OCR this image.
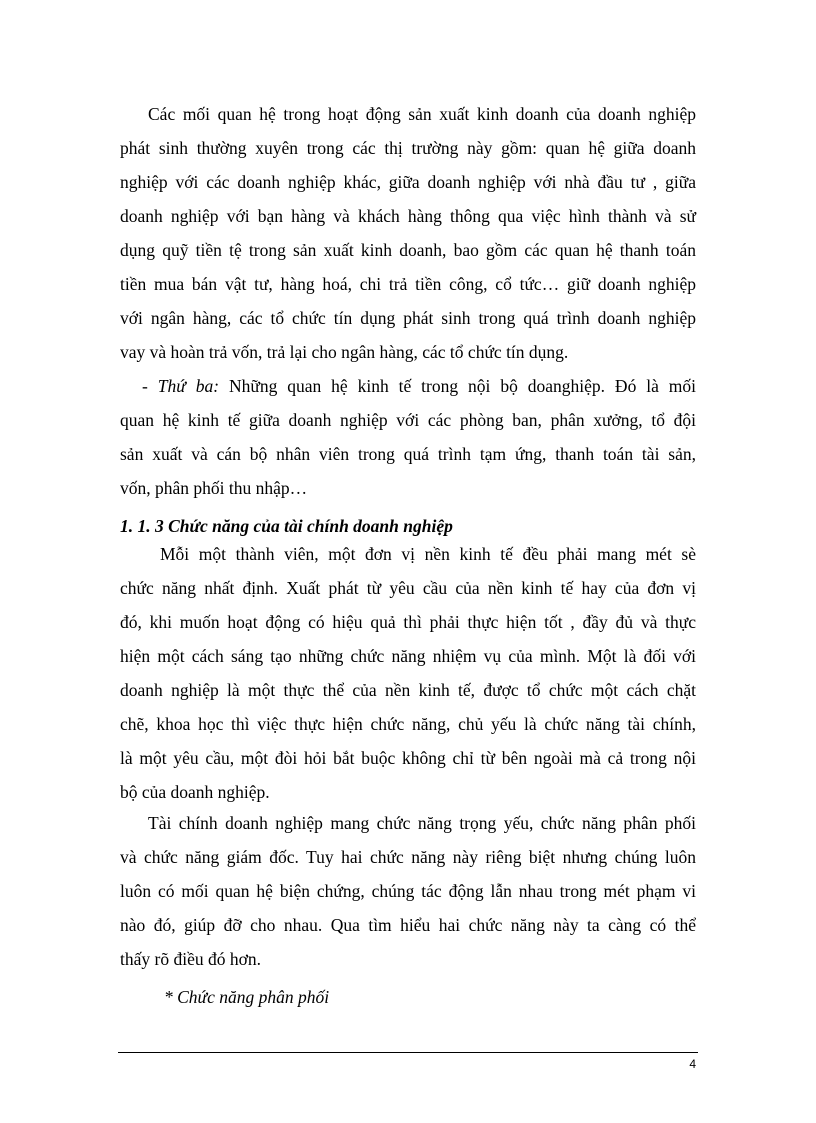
Các mối quan hệ trong hoạt động sản xuất kinh doanh của doanh nghiệp
phát sinh thường xuyên trong các thị trường này gồm: quan hệ giữa doanh
nghiệp với các doanh nghiệp khác, giữa doanh nghiệp với nhà đầu tư , giữa
doanh nghiệp với bạn hàng và khách hàng thông qua việc hình thành và sử
dụng quỹ tiền tệ trong sản xuất kinh doanh, bao gồm các quan hệ thanh toán
tiền mua bán vật tư, hàng hoá, chi trả tiền công, cổ tức… giữ doanh nghiệp
với ngân hàng, các tổ chức tín dụng phát sinh trong quá trình doanh nghiệp
vay và hoàn trả vốn, trả lại cho ngân hàng, các tổ chức tín dụng.
- Thứ ba: Những quan hệ kinh tế trong nội bộ doanghiệp. Đó là mối
quan hệ kinh tế giữa doanh nghiệp với các phòng ban, phân xưởng, tổ đội
sản xuất và cán bộ nhân viên trong quá trình tạm ứng, thanh toán tài sản,
vốn, phân phối thu nhập…
1. 1. 3 Chức năng của tài chính doanh nghiệp
Mỗi một thành viên, một đơn vị nền kinh tế đều phải mang mét sè
chức năng nhất định. Xuất phát từ yêu cầu của nền kinh tế hay của đơn vị
đó, khi muốn hoạt động có hiệu quả thì phải thực hiện tốt , đầy đủ và thực
hiện một cách sáng tạo những chức năng nhiệm vụ của mình. Một là đối với
doanh nghiệp là một thực thể của nền kinh tế, được tổ chức một cách chặt
chẽ, khoa học thì việc thực hiện chức năng, chủ yếu là chức năng tài chính,
là một yêu cầu, một đòi hỏi bắt buộc không chỉ từ bên ngoài mà cả trong nội
bộ của doanh nghiệp.
Tài chính doanh nghiệp mang chức năng trọng yếu, chức năng phân phối
và chức năng giám đốc. Tuy hai chức năng này riêng biệt nhưng chúng luôn
luôn có mối quan hệ biện chứng, chúng tác động lẫn nhau trong mét phạm vi
nào đó, giúp đỡ cho nhau. Qua tìm hiểu hai chức năng này ta càng có thể
thấy rõ điều đó hơn.
* Chức năng phân phối
4
